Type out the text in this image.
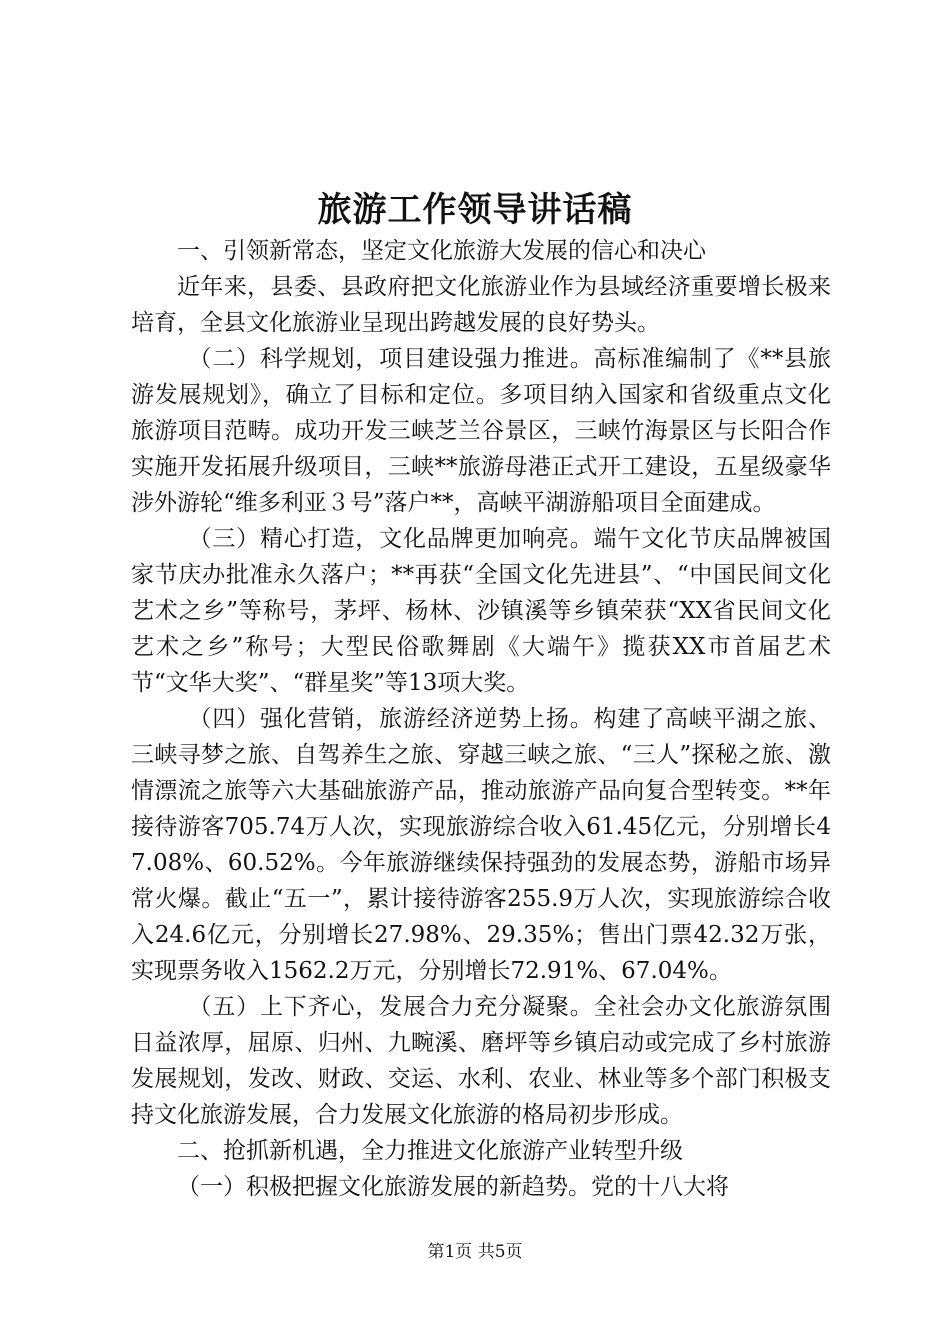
旅游工作领导讲话稿

一、引领新常态，坚定文化旅游大发展的信心和决心

近年来，县委、县政府把文化旅游业作为县域经济重要增长极来培育，全县文化旅游业呈现出跨越发展的良好势头。

（二）科学规划，项目建设强力推进。高标准编制了《**县旅游发展规划》，确立了目标和定位。多项目纳入国家和省级重点文化旅游项目范畴。成功开发三峡芝兰谷景区，三峡竹海景区与长阳合作实施开发拓展升级项目，三峡**旅游母港正式开工建设，五星级豪华涉外游轮“维多利亚３号”落户**，高峡平湖游船项目全面建成。

（三）精心打造，文化品牌更加响亮。端午文化节庆品牌被国家节庆办批准永久落户；**再获“全国文化先进县”、“中国民间文化艺术之乡”等称号，茅坪、杨林、沙镇溪等乡镇荣获“XX省民间文化艺术之乡”称号；大型民俗歌舞剧《大端午》揽获XX市首届艺术节“文华大奖”、“群星奖”等13项大奖。

（四）强化营销，旅游经济逆势上扬。构建了高峡平湖之旅、三峡寻梦之旅、自驾养生之旅、穿越三峡之旅、“三人”探秘之旅、激情漂流之旅等六大基础旅游产品，推动旅游产品向复合型转变。**年接待游客705.74万人次，实现旅游综合收入61.45亿元，分别增长47.08%、60.52%。今年旅游继续保持强劲的发展态势，游船市场异常火爆。截止“五一”，累计接待游客255.9万人次，实现旅游综合收入24.6亿元，分别增长27.98%、29.35%；售出门票42.32万张，实现票务收入1562.2万元，分别增长72.91%、67.04%。

（五）上下齐心，发展合力充分凝聚。全社会办文化旅游氛围日益浓厚，屈原、归州、九畹溪、磨坪等乡镇启动或完成了乡村旅游发展规划，发改、财政、交运、水利、农业、林业等多个部门积极支持文化旅游发展，合力发展文化旅游的格局初步形成。

二、抢抓新机遇，全力推进文化旅游产业转型升级

（一）积极把握文化旅游发展的新趋势。党的十八大将

第1页 共5页
